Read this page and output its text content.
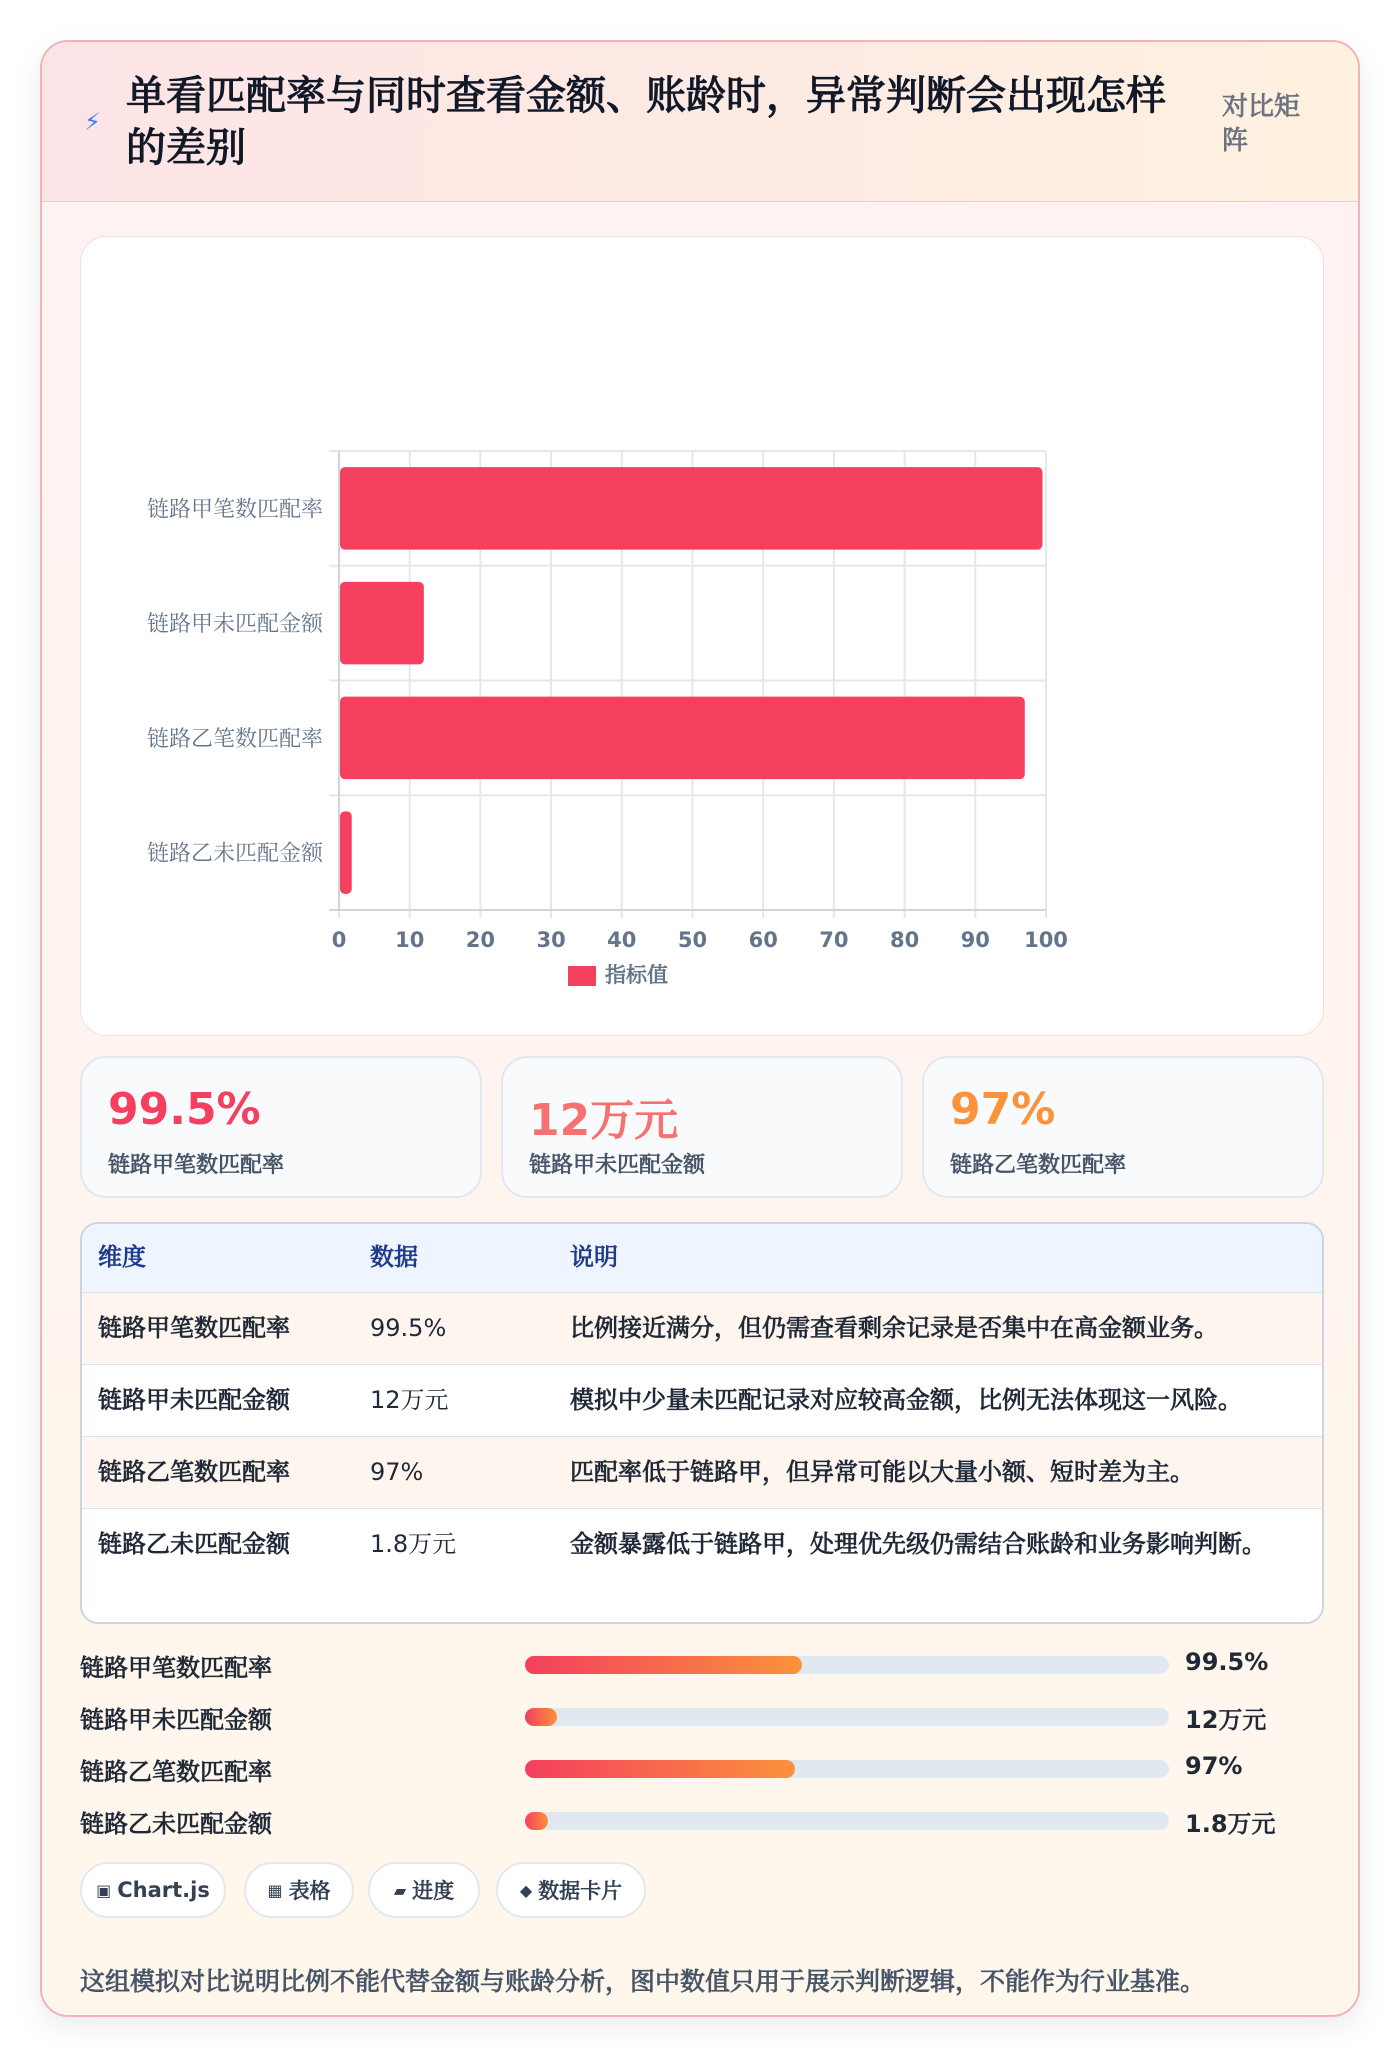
⚡
单看匹配率与同时查看金额、账龄时，异常判断会出现怎样的差别
对比矩阵
0 10 20 30 40 50 60 70 80 90 100
链路甲笔数匹配率
链路甲未匹配金额
链路乙笔数匹配率
链路乙未匹配金额
指标值
99.5%
链路甲笔数匹配率
12万元
链路甲未匹配金额
97%
链路乙笔数匹配率
维度	数据	说明
链路甲笔数匹配率	99.5%	比例接近满分，但仍需查看剩余记录是否集中在高金额业务。
链路甲未匹配金额	12万元	模拟中少量未匹配记录对应较高金额，比例无法体现这一风险。
链路乙笔数匹配率	97%	匹配率低于链路甲，但异常可能以大量小额、短时差为主。
链路乙未匹配金额	1.8万元	金额暴露低于链路甲，处理优先级仍需结合账龄和业务影响判断。
链路甲笔数匹配率	99.5%
链路甲未匹配金额	12万元
链路乙笔数匹配率	97%
链路乙未匹配金额	1.8万元
▣ Chart.js	▦ 表格	▰ 进度	◆ 数据卡片
这组模拟对比说明比例不能代替金额与账龄分析，图中数值只用于展示判断逻辑，不能作为行业基准。
